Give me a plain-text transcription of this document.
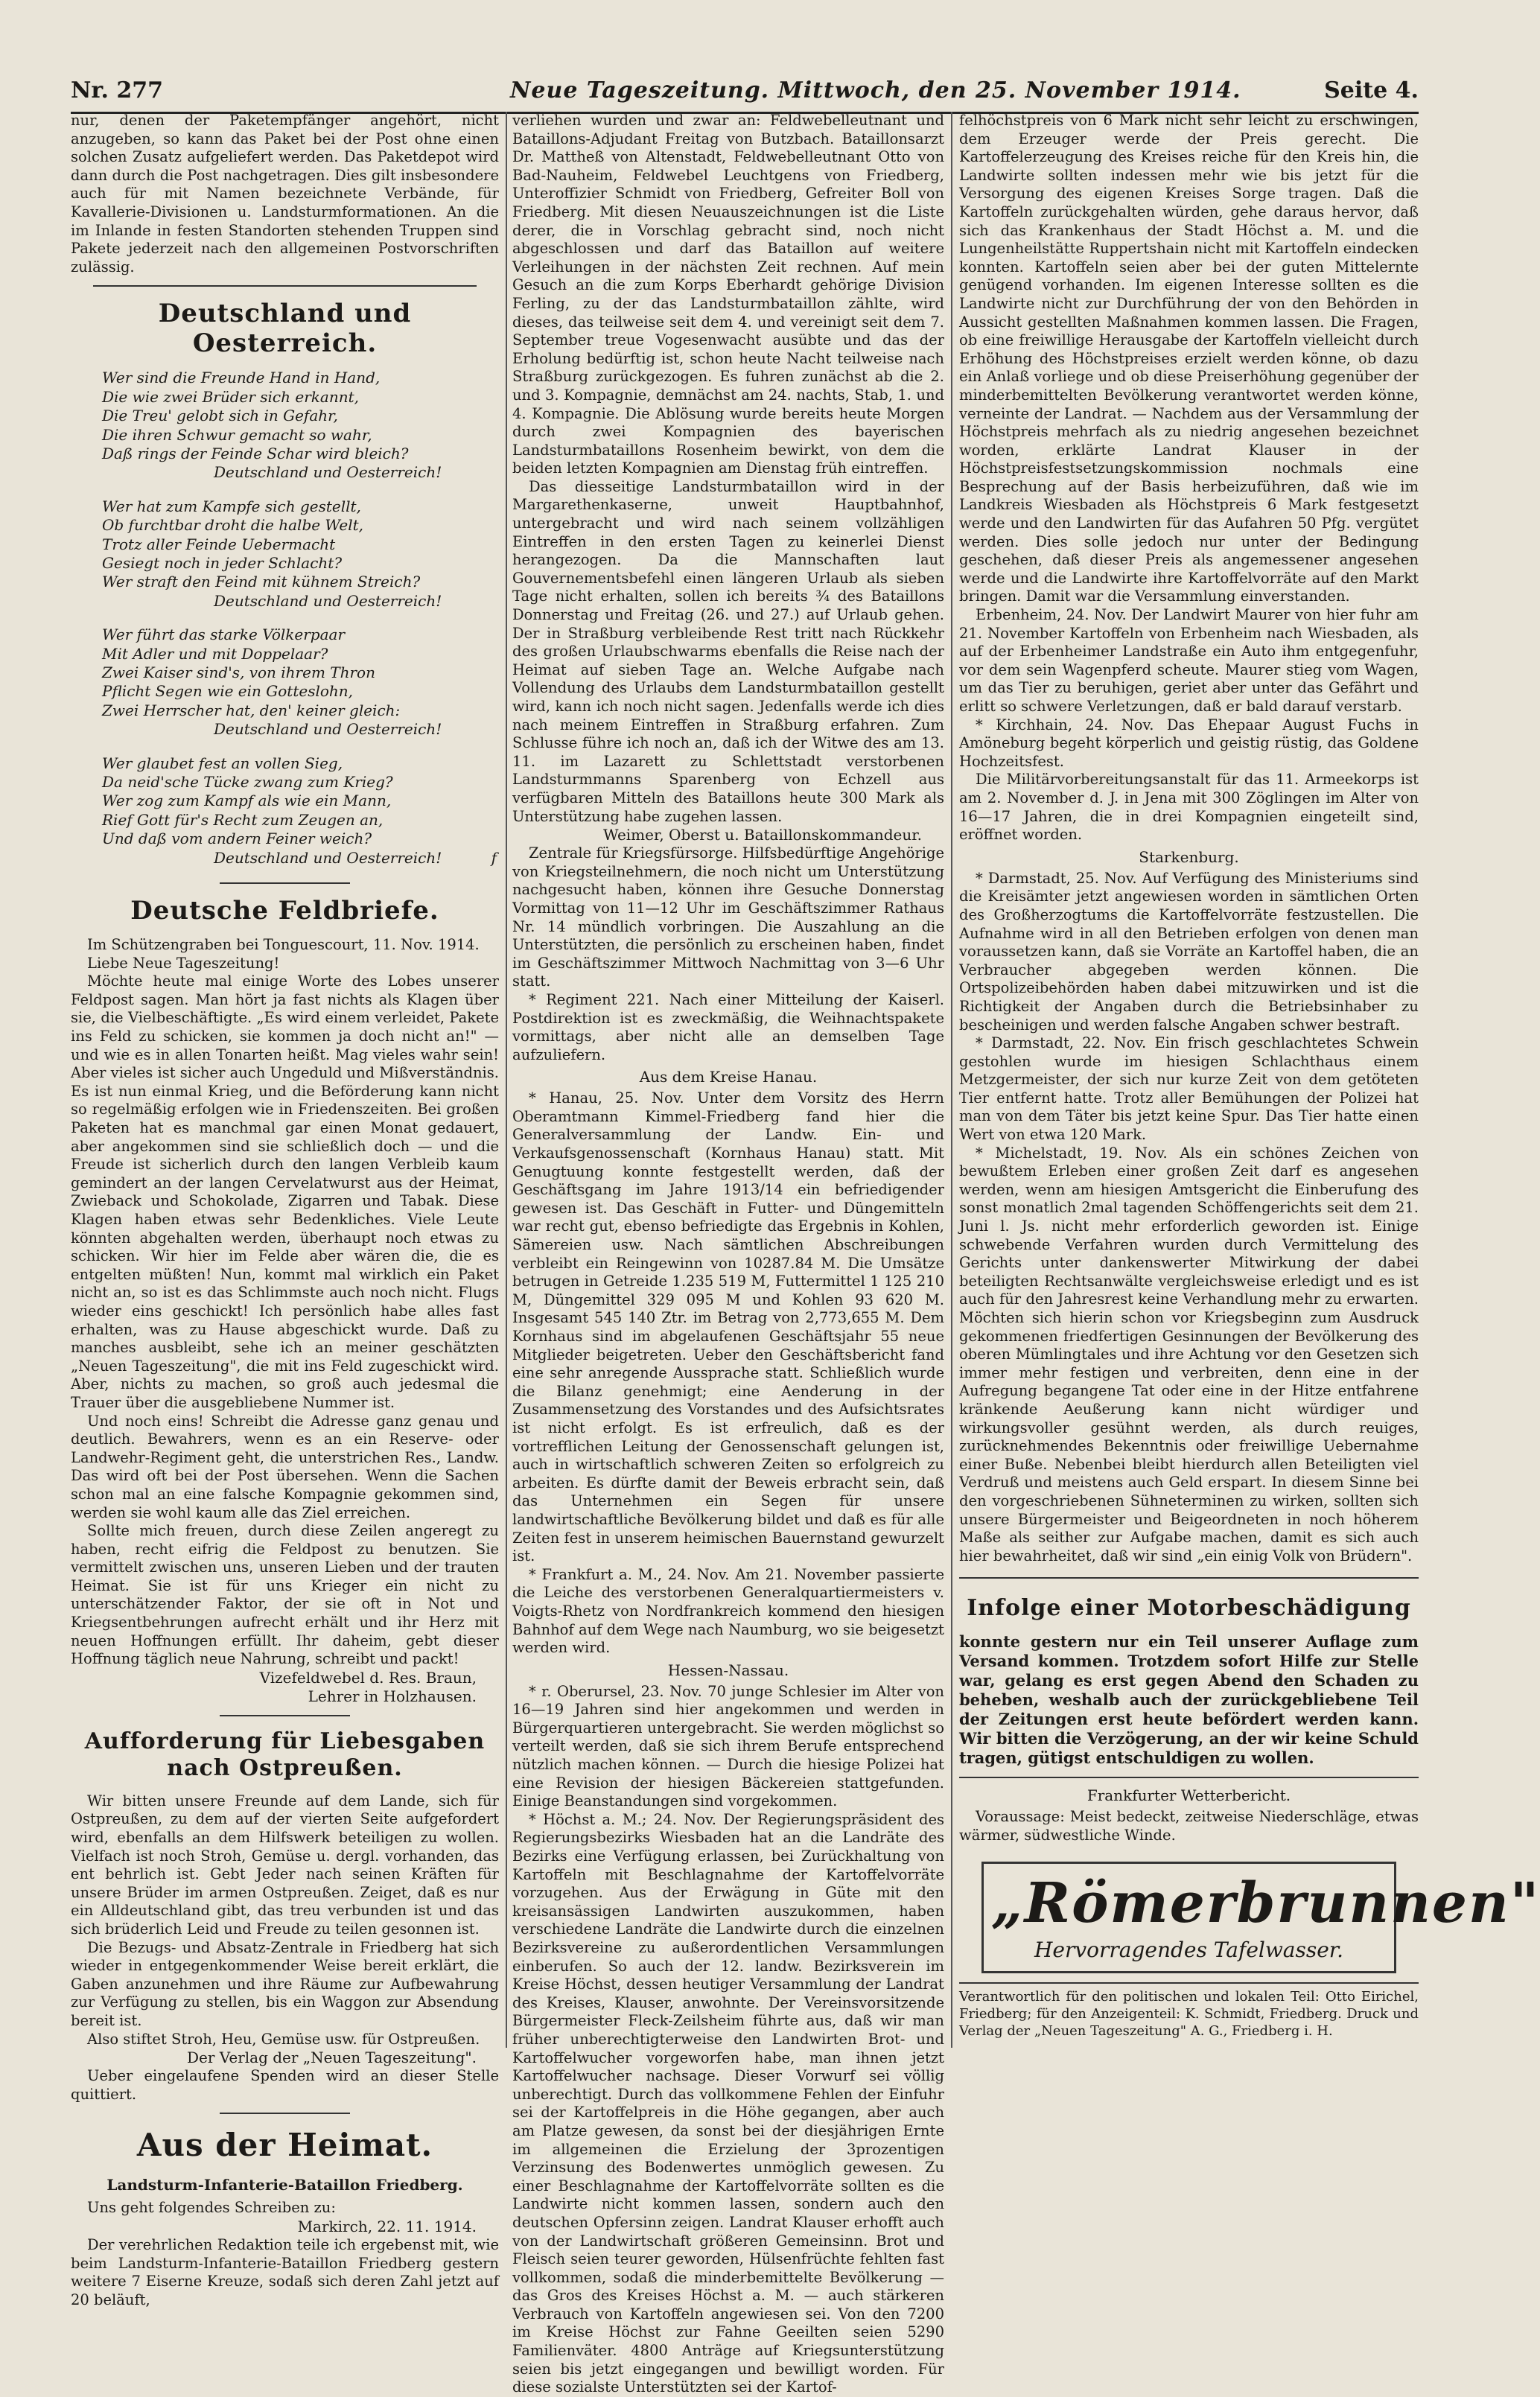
Nr. 277	Neue Tageszeitung. Mittwoch, den 25. November 1914.	Seite 4.

nur, denen der Paketempfänger angehört, nicht anzugeben, so kann das Paket bei der Post ohne einen solchen Zusatz aufgeliefert werden. Das Paketdepot wird dann durch die Post nachgetragen. Dies gilt insbesondere auch für mit Namen bezeichnete Verbände, für Kavallerie-Divisionen u. Landsturmformationen. An die im Inlande in festen Standorten stehenden Truppen sind Pakete jederzeit nach den allgemeinen Postvorschriften zulässig.

Deutschland und Oesterreich.
Wer sind die Freunde Hand in Hand,
Die wie zwei Brüder sich erkannt,
Die Treu' gelobt sich in Gefahr,
Die ihren Schwur gemacht so wahr,
Daß rings der Feinde Schar wird bleich?
Deutschland und Oesterreich!
Wer hat zum Kampfe sich gestellt,
Ob furchtbar droht die halbe Welt,
Trotz aller Feinde Uebermacht
Gesiegt noch in jeder Schlacht?
Wer straft den Feind mit kühnem Streich?
Deutschland und Oesterreich!
Wer führt das starke Völkerpaar
Mit Adler und mit Doppelaar?
Zwei Kaiser sind's, von ihrem Thron
Pflicht Segen wie ein Gotteslohn,
Zwei Herrscher hat, den' keiner gleich:
Deutschland und Oesterreich!
Wer glaubet fest an vollen Sieg,
Da neid'sche Tücke zwang zum Krieg?
Wer zog zum Kampf als wie ein Mann,
Rief Gott für's Recht zum Zeugen an,
Und daß vom andern Feiner weich?
Deutschland und Oesterreich!	f
Deutsche Feldbriefe.

Im Schützengraben bei Tonguescourt, 11. Nov. 1914.

Liebe Neue Tageszeitung!

Möchte heute mal einige Worte des Lobes unserer Feldpost sagen. Man hört ja fast nichts als Klagen über sie, die Vielbeschäftigte. „Es wird einem verleidet, Pakete ins Feld zu schicken, sie kommen ja doch nicht an!" — und wie es in allen Tonarten heißt. Mag vieles wahr sein! Aber vieles ist sicher auch Ungeduld und Mißverständnis. Es ist nun einmal Krieg, und die Beförderung kann nicht so regelmäßig erfolgen wie in Friedenszeiten. Bei großen Paketen hat es manchmal gar einen Monat gedauert, aber angekommen sind sie schließlich doch — und die Freude ist sicherlich durch den langen Verbleib kaum gemindert an der langen Cervelatwurst aus der Heimat, Zwieback und Schokolade, Zigarren und Tabak. Diese Klagen haben etwas sehr Bedenkliches. Viele Leute könnten abgehalten werden, überhaupt noch etwas zu schicken. Wir hier im Felde aber wären die, die es entgelten müßten! Nun, kommt mal wirklich ein Paket nicht an, so ist es das Schlimmste auch noch nicht. Flugs wieder eins geschickt! Ich persönlich habe alles fast erhalten, was zu Hause abgeschickt wurde. Daß zu manches ausbleibt, sehe ich an meiner geschätzten „Neuen Tageszeitung", die mit ins Feld zugeschickt wird. Aber, nichts zu machen, so groß auch jedesmal die Trauer über die ausgebliebene Nummer ist.

Und noch eins! Schreibt die Adresse ganz genau und deutlich. Bewahrers, wenn es an ein Reserve- oder Landwehr-Regiment geht, die unterstrichen Res., Landw. Das wird oft bei der Post übersehen. Wenn die Sachen schon mal an eine falsche Kompagnie gekommen sind, werden sie wohl kaum alle das Ziel erreichen.

Sollte mich freuen, durch diese Zeilen angeregt zu haben, recht eifrig die Feldpost zu benutzen. Sie vermittelt zwischen uns, unseren Lieben und der trauten Heimat. Sie ist für uns Krieger ein nicht zu unterschätzender Faktor, der sie oft in Not und Kriegsentbehrungen aufrecht erhält und ihr Herz mit neuen Hoffnungen erfüllt. Ihr daheim, gebt dieser Hoffnung täglich neue Nahrung, schreibt und packt!

Vizefeldwebel d. Res. Braun,
Lehrer in Holzhausen.
Aufforderung für Liebesgaben nach Ostpreußen.

Wir bitten unsere Freunde auf dem Lande, sich für Ostpreußen, zu dem auf der vierten Seite aufgefordert wird, ebenfalls an dem Hilfswerk beteiligen zu wollen. Vielfach ist noch Stroh, Gemüse u. dergl. vorhanden, das ent behrlich ist. Gebt Jeder nach seinen Kräften für unsere Brüder im armen Ostpreußen. Zeiget, daß es nur ein Alldeutschland gibt, das treu verbunden ist und das sich brüderlich Leid und Freude zu teilen gesonnen ist.

Die Bezugs- und Absatz-Zentrale in Friedberg hat sich wieder in entgegenkommender Weise bereit erklärt, die Gaben anzunehmen und ihre Räume zur Aufbewahrung zur Verfügung zu stellen, bis ein Waggon zur Absendung bereit ist.

Also stiftet Stroh, Heu, Gemüse usw. für Ostpreußen.

Der Verlag der „Neuen Tageszeitung".

Ueber eingelaufene Spenden wird an dieser Stelle quittiert.

Aus der Heimat.
Landsturm-Infanterie-Bataillon Friedberg.

Uns geht folgendes Schreiben zu:

Markirch, 22. 11. 1914.

Der verehrlichen Redaktion teile ich ergebenst mit, wie beim Landsturm-Infanterie-Bataillon Friedberg gestern weitere 7 Eiserne Kreuze, sodaß sich deren Zahl jetzt auf 20 beläuft,

verliehen wurden und zwar an: Feldwebelleutnant und Bataillons-Adjudant Freitag von Butzbach. Bataillonsarzt Dr. Mattheß von Altenstadt, Feldwebelleutnant Otto von Bad-Nauheim, Feldwebel Leuchtgens von Friedberg, Unteroffizier Schmidt von Friedberg, Gefreiter Boll von Friedberg. Mit diesen Neuauszeichnungen ist die Liste derer, die in Vorschlag gebracht sind, noch nicht abgeschlossen und darf das Bataillon auf weitere Verleihungen in der nächsten Zeit rechnen. Auf mein Gesuch an die zum Korps Eberhardt gehörige Division Ferling, zu der das Landsturmbataillon zählte, wird dieses, das teilweise seit dem 4. und vereinigt seit dem 7. September treue Vogesenwacht ausübte und das der Erholung bedürftig ist, schon heute Nacht teilweise nach Straßburg zurückgezogen. Es fuhren zunächst ab die 2. und 3. Kompagnie, demnächst am 24. nachts, Stab, 1. und 4. Kompagnie. Die Ablösung wurde bereits heute Morgen durch zwei Kompagnien des bayerischen Landsturmbataillons Rosenheim bewirkt, von dem die beiden letzten Kompagnien am Dienstag früh eintreffen.

Das diesseitige Landsturmbataillon wird in der Margarethenkaserne, unweit Hauptbahnhof, untergebracht und wird nach seinem vollzähligen Eintreffen in den ersten Tagen zu keinerlei Dienst herangezogen. Da die Mannschaften laut Gouvernementsbefehl einen längeren Urlaub als sieben Tage nicht erhalten, sollen ich bereits ¾ des Bataillons Donnerstag und Freitag (26. und 27.) auf Urlaub gehen. Der in Straßburg verbleibende Rest tritt nach Rückkehr des großen Urlaubschwarms ebenfalls die Reise nach der Heimat auf sieben Tage an. Welche Aufgabe nach Vollendung des Urlaubs dem Landsturmbataillon gestellt wird, kann ich noch nicht sagen. Jedenfalls werde ich dies nach meinem Eintreffen in Straßburg erfahren. Zum Schlusse führe ich noch an, daß ich der Witwe des am 13. 11. im Lazarett zu Schlettstadt verstorbenen Landsturmmanns Sparenberg von Echzell aus verfügbaren Mitteln des Bataillons heute 300 Mark als Unterstützung habe zugehen lassen.

Weimer, Oberst u. Bataillonskommandeur.

Zentrale für Kriegsfürsorge. Hilfsbedürftige Angehörige von Kriegsteilnehmern, die noch nicht um Unterstützung nachgesucht haben, können ihre Gesuche Donnerstag Vormittag von 11—12 Uhr im Geschäftszimmer Rathaus Nr. 14 mündlich vorbringen. Die Auszahlung an die Unterstützten, die persönlich zu erscheinen haben, findet im Geschäftszimmer Mittwoch Nachmittag von 3—6 Uhr statt.

* Regiment 221. Nach einer Mitteilung der Kaiserl. Postdirektion ist es zweckmäßig, die Weihnachtspakete vormittags, aber nicht alle an demselben Tage aufzuliefern.

Aus dem Kreise Hanau.

* Hanau, 25. Nov. Unter dem Vorsitz des Herrn Oberamtmann Kimmel-Friedberg fand hier die Generalversammlung der Landw. Ein- und Verkaufsgenossenschaft (Kornhaus Hanau) statt. Mit Genugtuung konnte festgestellt werden, daß der Geschäftsgang im Jahre 1913/14 ein befriedigender gewesen ist. Das Geschäft in Futter- und Düngemitteln war recht gut, ebenso befriedigte das Ergebnis in Kohlen, Sämereien usw. Nach sämtlichen Abschreibungen verbleibt ein Reingewinn von 10287.84 M. Die Umsätze betrugen in Getreide 1.235 519 M, Futtermittel 1 125 210 M, Düngemittel 329 095 M und Kohlen 93 620 M. Insgesamt 545 140 Ztr. im Betrag von 2,773,655 M. Dem Kornhaus sind im abgelaufenen Geschäftsjahr 55 neue Mitglieder beigetreten. Ueber den Geschäftsbericht fand eine sehr anregende Aussprache statt. Schließlich wurde die Bilanz genehmigt; eine Aenderung in der Zusammensetzung des Vorstandes und des Aufsichtsrates ist nicht erfolgt. Es ist erfreulich, daß es der vortrefflichen Leitung der Genossenschaft gelungen ist, auch in wirtschaftlich schweren Zeiten so erfolgreich zu arbeiten. Es dürfte damit der Beweis erbracht sein, daß das Unternehmen ein Segen für unsere landwirtschaftliche Bevölkerung bildet und daß es für alle Zeiten fest in unserem heimischen Bauernstand gewurzelt ist.

* Frankfurt a. M., 24. Nov. Am 21. November passierte die Leiche des verstorbenen Generalquartiermeisters v. Voigts-Rhetz von Nordfrankreich kommend den hiesigen Bahnhof auf dem Wege nach Naumburg, wo sie beigesetzt werden wird.

Hessen-Nassau.

* r. Oberursel, 23. Nov. 70 junge Schlesier im Alter von 16—19 Jahren sind hier angekommen und werden in Bürgerquartieren untergebracht. Sie werden möglichst so verteilt werden, daß sie sich ihrem Berufe entsprechend nützlich machen können. — Durch die hiesige Polizei hat eine Revision der hiesigen Bäckereien stattgefunden. Einige Beanstandungen sind vorgekommen.

* Höchst a. M.; 24. Nov. Der Regierungspräsident des Regierungsbezirks Wiesbaden hat an die Landräte des Bezirks eine Verfügung erlassen, bei Zurückhaltung von Kartoffeln mit Beschlagnahme der Kartoffelvorräte vorzugehen. Aus der Erwägung in Güte mit den kreisansässigen Landwirten auszukommen, haben verschiedene Landräte die Landwirte durch die einzelnen Bezirksvereine zu außerordentlichen Versammlungen einberufen. So auch der 12. landw. Bezirksverein im Kreise Höchst, dessen heutiger Versammlung der Landrat des Kreises, Klauser, anwohnte. Der Vereinsvorsitzende Bürgermeister Fleck-Zeilsheim führte aus, daß wir man früher unberechtigterweise den Landwirten Brot- und Kartoffelwucher vorgeworfen habe, man ihnen jetzt Kartoffelwucher nachsage. Dieser Vorwurf sei völlig unberechtigt. Durch das vollkommene Fehlen der Einfuhr sei der Kartoffelpreis in die Höhe gegangen, aber auch am Platze gewesen, da sonst bei der diesjährigen Ernte im allgemeinen die Erzielung der 3prozentigen Verzinsung des Bodenwertes unmöglich gewesen. Zu einer Beschlagnahme der Kartoffelvorräte sollten es die Landwirte nicht kommen lassen, sondern auch den deutschen Opfersinn zeigen. Landrat Klauser erhofft auch von der Landwirtschaft größeren Gemeinsinn. Brot und Fleisch seien teurer geworden, Hülsenfrüchte fehlten fast vollkommen, sodaß die minderbemittelte Bevölkerung — das Gros des Kreises Höchst a. M. — auch stärkeren Verbrauch von Kartoffeln angewiesen sei. Von den 7200 im Kreise Höchst zur Fahne Geeilten seien 5290 Familienväter. 4800 Anträge auf Kriegsunterstützung seien bis jetzt eingegangen und bewilligt worden. Für diese sozialste Unterstützten sei der Kartof-

felhöchstpreis von 6 Mark nicht sehr leicht zu erschwingen, dem Erzeuger werde der Preis gerecht. Die Kartoffelerzeugung des Kreises reiche für den Kreis hin, die Landwirte sollten indessen mehr wie bis jetzt für die Versorgung des eigenen Kreises Sorge tragen. Daß die Kartoffeln zurückgehalten würden, gehe daraus hervor, daß sich das Krankenhaus der Stadt Höchst a. M. und die Lungenheilstätte Ruppertshain nicht mit Kartoffeln eindecken konnten. Kartoffeln seien aber bei der guten Mittelernte genügend vorhanden. Im eigenen Interesse sollten es die Landwirte nicht zur Durchführung der von den Behörden in Aussicht gestellten Maßnahmen kommen lassen. Die Fragen, ob eine freiwillige Herausgabe der Kartoffeln vielleicht durch Erhöhung des Höchstpreises erzielt werden könne, ob dazu ein Anlaß vorliege und ob diese Preiserhöhung gegenüber der minderbemittelten Bevölkerung verantwortet werden könne, verneinte der Landrat. — Nachdem aus der Versammlung der Höchstpreis mehrfach als zu niedrig angesehen bezeichnet worden, erklärte Landrat Klauser in der Höchstpreisfestsetzungskommission nochmals eine Besprechung auf der Basis herbeizuführen, daß wie im Landkreis Wiesbaden als Höchstpreis 6 Mark festgesetzt werde und den Landwirten für das Aufahren 50 Pfg. vergütet werden. Dies solle jedoch nur unter der Bedingung geschehen, daß dieser Preis als angemessener angesehen werde und die Landwirte ihre Kartoffelvorräte auf den Markt bringen. Damit war die Versammlung einverstanden.

Erbenheim, 24. Nov. Der Landwirt Maurer von hier fuhr am 21. November Kartoffeln von Erbenheim nach Wiesbaden, als auf der Erbenheimer Landstraße ein Auto ihm entgegenfuhr, vor dem sein Wagenpferd scheute. Maurer stieg vom Wagen, um das Tier zu beruhigen, geriet aber unter das Gefährt und erlitt so schwere Verletzungen, daß er bald darauf verstarb.

* Kirchhain, 24. Nov. Das Ehepaar August Fuchs in Amöneburg begeht körperlich und geistig rüstig, das Goldene Hochzeitsfest.

Die Militärvorbereitungsanstalt für das 11. Armeekorps ist am 2. November d. J. in Jena mit 300 Zöglingen im Alter von 16—17 Jahren, die in drei Kompagnien eingeteilt sind, eröffnet worden.

Starkenburg.

* Darmstadt, 25. Nov. Auf Verfügung des Ministeriums sind die Kreisämter jetzt angewiesen worden in sämtlichen Orten des Großherzogtums die Kartoffelvorräte festzustellen. Die Aufnahme wird in all den Betrieben erfolgen von denen man voraussetzen kann, daß sie Vorräte an Kartoffel haben, die an Verbraucher abgegeben werden können. Die Ortspolizeibehörden haben dabei mitzuwirken und ist die Richtigkeit der Angaben durch die Betriebsinhaber zu bescheinigen und werden falsche Angaben schwer bestraft.

* Darmstadt, 22. Nov. Ein frisch geschlachtetes Schwein gestohlen wurde im hiesigen Schlachthaus einem Metzgermeister, der sich nur kurze Zeit von dem getöteten Tier entfernt hatte. Trotz aller Bemühungen der Polizei hat man von dem Täter bis jetzt keine Spur. Das Tier hatte einen Wert von etwa 120 Mark.

* Michelstadt, 19. Nov. Als ein schönes Zeichen von bewußtem Erleben einer großen Zeit darf es angesehen werden, wenn am hiesigen Amtsgericht die Einberufung des sonst monatlich 2mal tagenden Schöffengerichts seit dem 21. Juni l. Js. nicht mehr erforderlich geworden ist. Einige schwebende Verfahren wurden durch Vermittelung des Gerichts unter dankenswerter Mitwirkung der dabei beteiligten Rechtsanwälte vergleichsweise erledigt und es ist auch für den Jahresrest keine Verhandlung mehr zu erwarten. Möchten sich hierin schon vor Kriegsbeginn zum Ausdruck gekommenen friedfertigen Gesinnungen der Bevölkerung des oberen Mümlingtales und ihre Achtung vor den Gesetzen sich immer mehr festigen und verbreiten, denn eine in der Aufregung begangene Tat oder eine in der Hitze entfahrene kränkende Aeußerung kann nicht würdiger und wirkungsvoller gesühnt werden, als durch reuiges, zurücknehmendes Bekenntnis oder freiwillige Uebernahme einer Buße. Nebenbei bleibt hierdurch allen Beteiligten viel Verdruß und meistens auch Geld erspart. In diesem Sinne bei den vorgeschriebenen Sühneterminen zu wirken, sollten sich unsere Bürgermeister und Beigeordneten in noch höherem Maße als seither zur Aufgabe machen, damit es sich auch hier bewahrheitet, daß wir sind „ein einig Volk von Brüdern".

Infolge einer Motorbeschädigung

konnte gestern nur ein Teil unserer Auflage zum Versand kommen. Trotzdem sofort Hilfe zur Stelle war, gelang es erst gegen Abend den Schaden zu beheben, weshalb auch der zurückgebliebene Teil der Zeitungen erst heute befördert werden kann. Wir bitten die Verzögerung, an der wir keine Schuld tragen, gütigst entschuldigen zu wollen.

Frankfurter Wetterbericht.

Voraussage: Meist bedeckt, zeitweise Niederschläge, etwas wärmer, südwestliche Winde.

„Römerbrunnen"
Hervorragendes Tafelwasser.

Verantwortlich für den politischen und lokalen Teil: Otto Eirichel, Friedberg; für den Anzeigenteil: K. Schmidt, Friedberg. Druck und Verlag der „Neuen Tageszeitung" A. G., Friedberg i. H.
